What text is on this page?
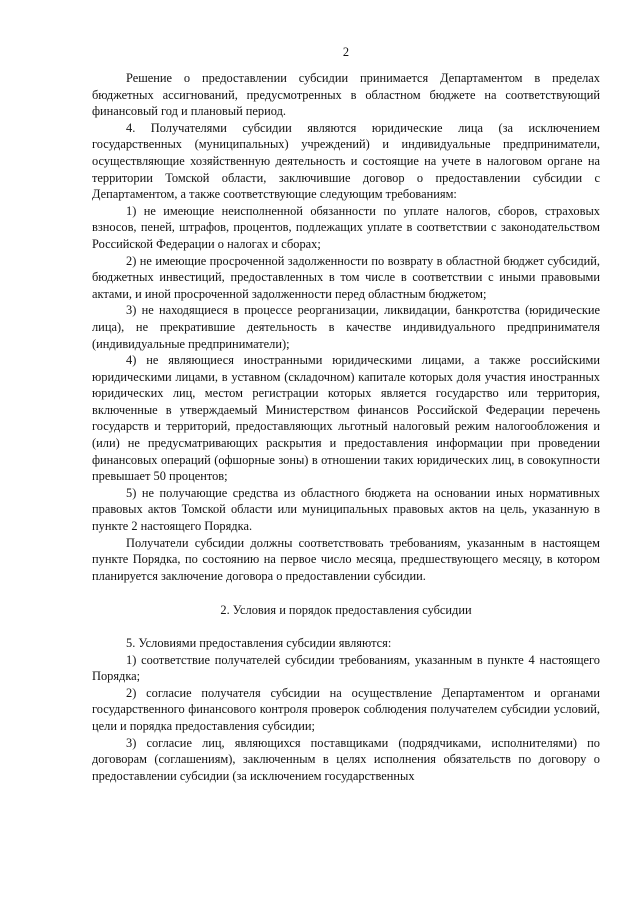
2

Решение о предоставлении субсидии принимается Департаментом в пределах бюджетных ассигнований, предусмотренных в областном бюджете на соответствующий финансовый год и плановый период.

4. Получателями субсидии являются юридические лица (за исключением государственных (муниципальных) учреждений) и индивидуальные предприниматели, осуществляющие хозяйственную деятельность и состоящие на учете в налоговом органе на территории Томской области, заключившие договор о предоставлении субсидии с Департаментом, а также соответствующие следующим требованиям:

1) не имеющие неисполненной обязанности по уплате налогов, сборов, страховых взносов, пеней, штрафов, процентов, подлежащих уплате в соответствии с законодательством Российской Федерации о налогах и сборах;

2) не имеющие просроченной задолженности по возврату в областной бюджет субсидий, бюджетных инвестиций, предоставленных в том числе в соответствии с иными правовыми актами, и иной просроченной задолженности перед областным бюджетом;

3) не находящиеся в процессе реорганизации, ликвидации, банкротства (юридические лица), не прекратившие деятельность в качестве индивидуального предпринимателя (индивидуальные предприниматели);

4) не являющиеся иностранными юридическими лицами, а также российскими юридическими лицами, в уставном (складочном) капитале которых доля участия иностранных юридических лиц, местом регистрации которых является государство или территория, включенные в утверждаемый Министерством финансов Российской Федерации перечень государств и территорий, предоставляющих льготный налоговый режим налогообложения и (или) не предусматривающих раскрытия и предоставления информации при проведении финансовых операций (офшорные зоны) в отношении таких юридических лиц, в совокупности превышает 50 процентов;

5) не получающие средства из областного бюджета на основании иных нормативных правовых актов Томской области или муниципальных правовых актов на цель, указанную в пункте 2 настоящего Порядка.

Получатели субсидии должны соответствовать требованиям, указанным в настоящем пункте Порядка, по состоянию на первое число месяца, предшествующего месяцу, в котором планируется заключение договора о предоставлении субсидии.

2. Условия и порядок предоставления субсидии

5. Условиями предоставления субсидии являются:

1) соответствие получателей субсидии требованиям, указанным в пункте 4 настоящего Порядка;

2) согласие получателя субсидии на осуществление Департаментом и органами государственного финансового контроля проверок соблюдения получателем субсидии условий, цели и порядка предоставления субсидии;

3) согласие лиц, являющихся поставщиками (подрядчиками, исполнителями) по договорам (соглашениям), заключенным в целях исполнения обязательств по договору о предоставлении субсидии (за исключением государственных
